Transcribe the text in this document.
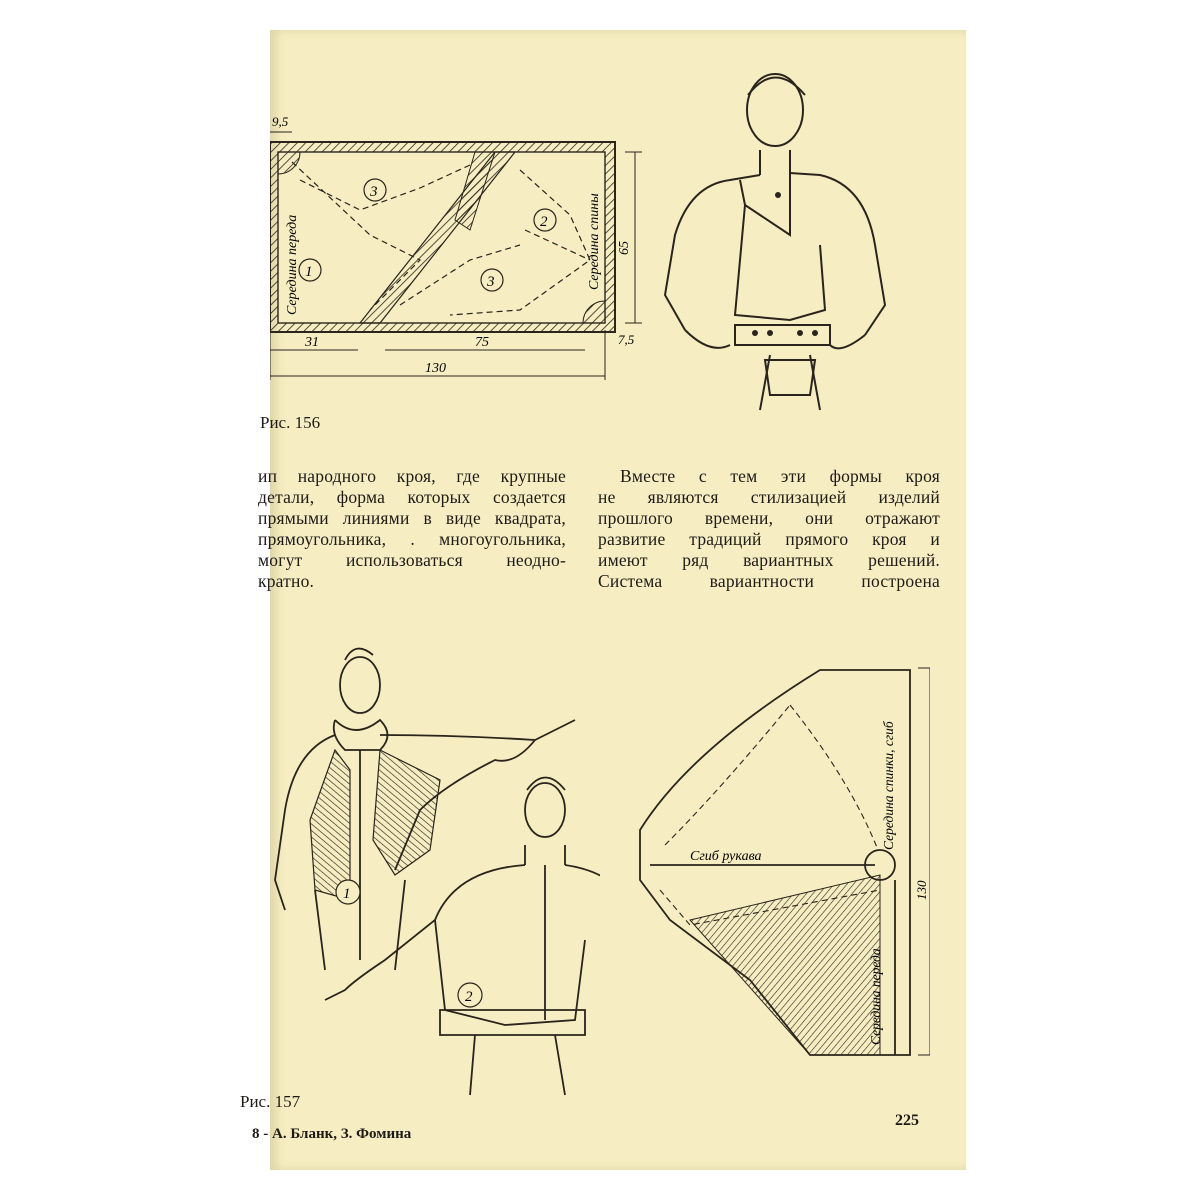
1
3
2
3
Середина переда	Середина спины
9,5
65
31	75
130
7,5
Рис. 156
ип народного кроя, где крупные
детали, форма которых создается
прямыми линиями в виде квадрата,
прямоугольника, . многоугольника,
могут использоваться неодно-
кратно.
Вместе с тем эти формы кроя
не являются стилизацией изделий
прошлого времени, они отражают
развитие традиций прямого кроя и
имеют ряд вариантных решений.
Система вариантности построена
1
2
Середина спинки, сгиб
Сгиб рукава
Середина переда
130
Рис. 157
8 - А. Бланк, З. Фомина
225
